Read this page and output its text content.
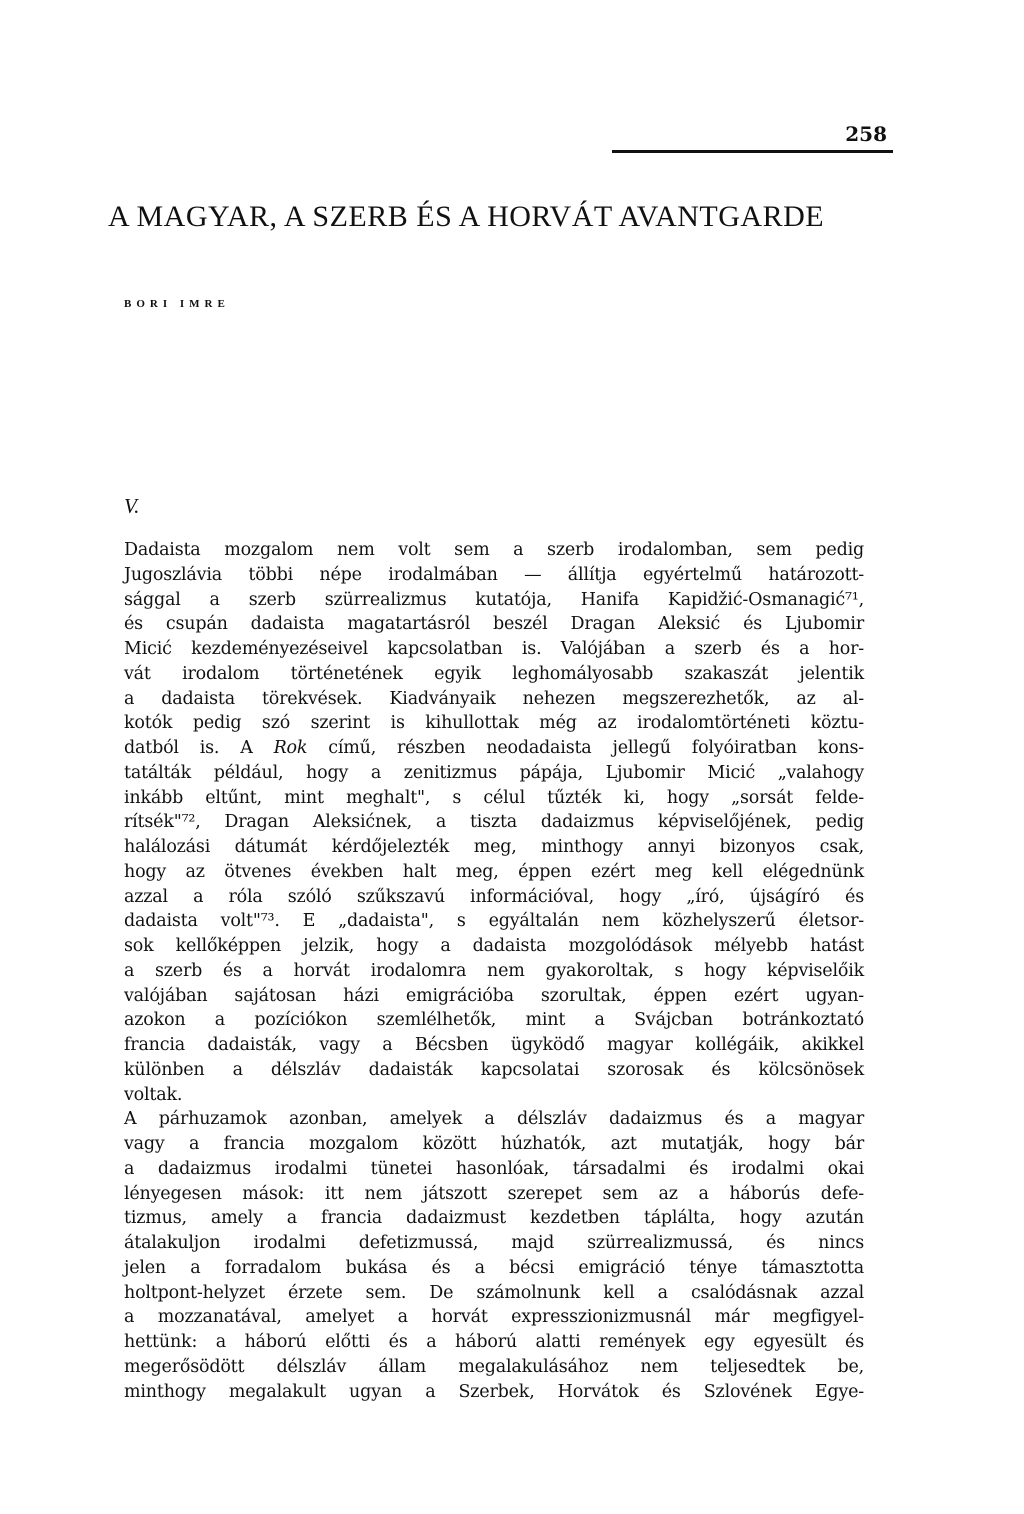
258
A MAGYAR, A SZERB ÉS A HORVÁT AVANTGARDE
BORI IMRE
V.
Dadaista mozgalom nem volt sem a szerb irodalomban, sem pedig
Jugoszlávia többi népe irodalmában — állítja egyértelmű határozott-
sággal a szerb szürrealizmus kutatója, Hanifa Kapidžić-Osmanagić⁷¹,
és csupán dadaista magatartásról beszél Dragan Aleksić és Ljubomir
Micić kezdeményezéseivel kapcsolatban is. Valójában a szerb és a hor-
vát irodalom történetének egyik leghomályosabb szakaszát jelentik
a dadaista törekvések. Kiadványaik nehezen megszerezhetők, az al-
kotók pedig szó szerint is kihullottak még az irodalomtörténeti köztu-
datból is. A Rok című, részben neodadaista jellegű folyóiratban kons-
tatálták például, hogy a zenitizmus pápája, Ljubomir Micić „valahogy
inkább eltűnt, mint meghalt", s célul tűzték ki, hogy „sorsát felde-
rítsék"⁷², Dragan Aleksićnek, a tiszta dadaizmus képviselőjének, pedig
halálozási dátumát kérdőjelezték meg, minthogy annyi bizonyos csak,
hogy az ötvenes években halt meg, éppen ezért meg kell elégednünk
azzal a róla szóló szűkszavú információval, hogy „író, újságíró és
dadaista volt"⁷³. E „dadaista", s egyáltalán nem közhelyszerű életsor-
sok kellőképpen jelzik, hogy a dadaista mozgolódások mélyebb hatást
a szerb és a horvát irodalomra nem gyakoroltak, s hogy képviselőik
valójában sajátosan házi emigrációba szorultak, éppen ezért ugyan-
azokon a pozíciókon szemlélhetők, mint a Svájcban botránkoztató
francia dadaisták, vagy a Bécsben ügyködő magyar kollégáik, akikkel
különben a délszláv dadaisták kapcsolatai szorosak és kölcsönösek
voltak.
A párhuzamok azonban, amelyek a délszláv dadaizmus és a magyar
vagy a francia mozgalom között húzhatók, azt mutatják, hogy bár
a dadaizmus irodalmi tünetei hasonlóak, társadalmi és irodalmi okai
lényegesen mások: itt nem játszott szerepet sem az a háborús defe-
tizmus, amely a francia dadaizmust kezdetben táplálta, hogy azután
átalakuljon irodalmi defetizmussá, majd szürrealizmussá, és nincs
jelen a forradalom bukása és a bécsi emigráció ténye támasztotta
holtpont-helyzet érzete sem. De számolnunk kell a csalódásnak azzal
a mozzanatával, amelyet a horvát expresszionizmusnál már megfigyel-
hettünk: a háború előtti és a háború alatti remények egy egyesült és
megerősödött délszláv állam megalakulásához nem teljesedtek be,
minthogy megalakult ugyan a Szerbek, Horvátok és Szlovének Egye-
